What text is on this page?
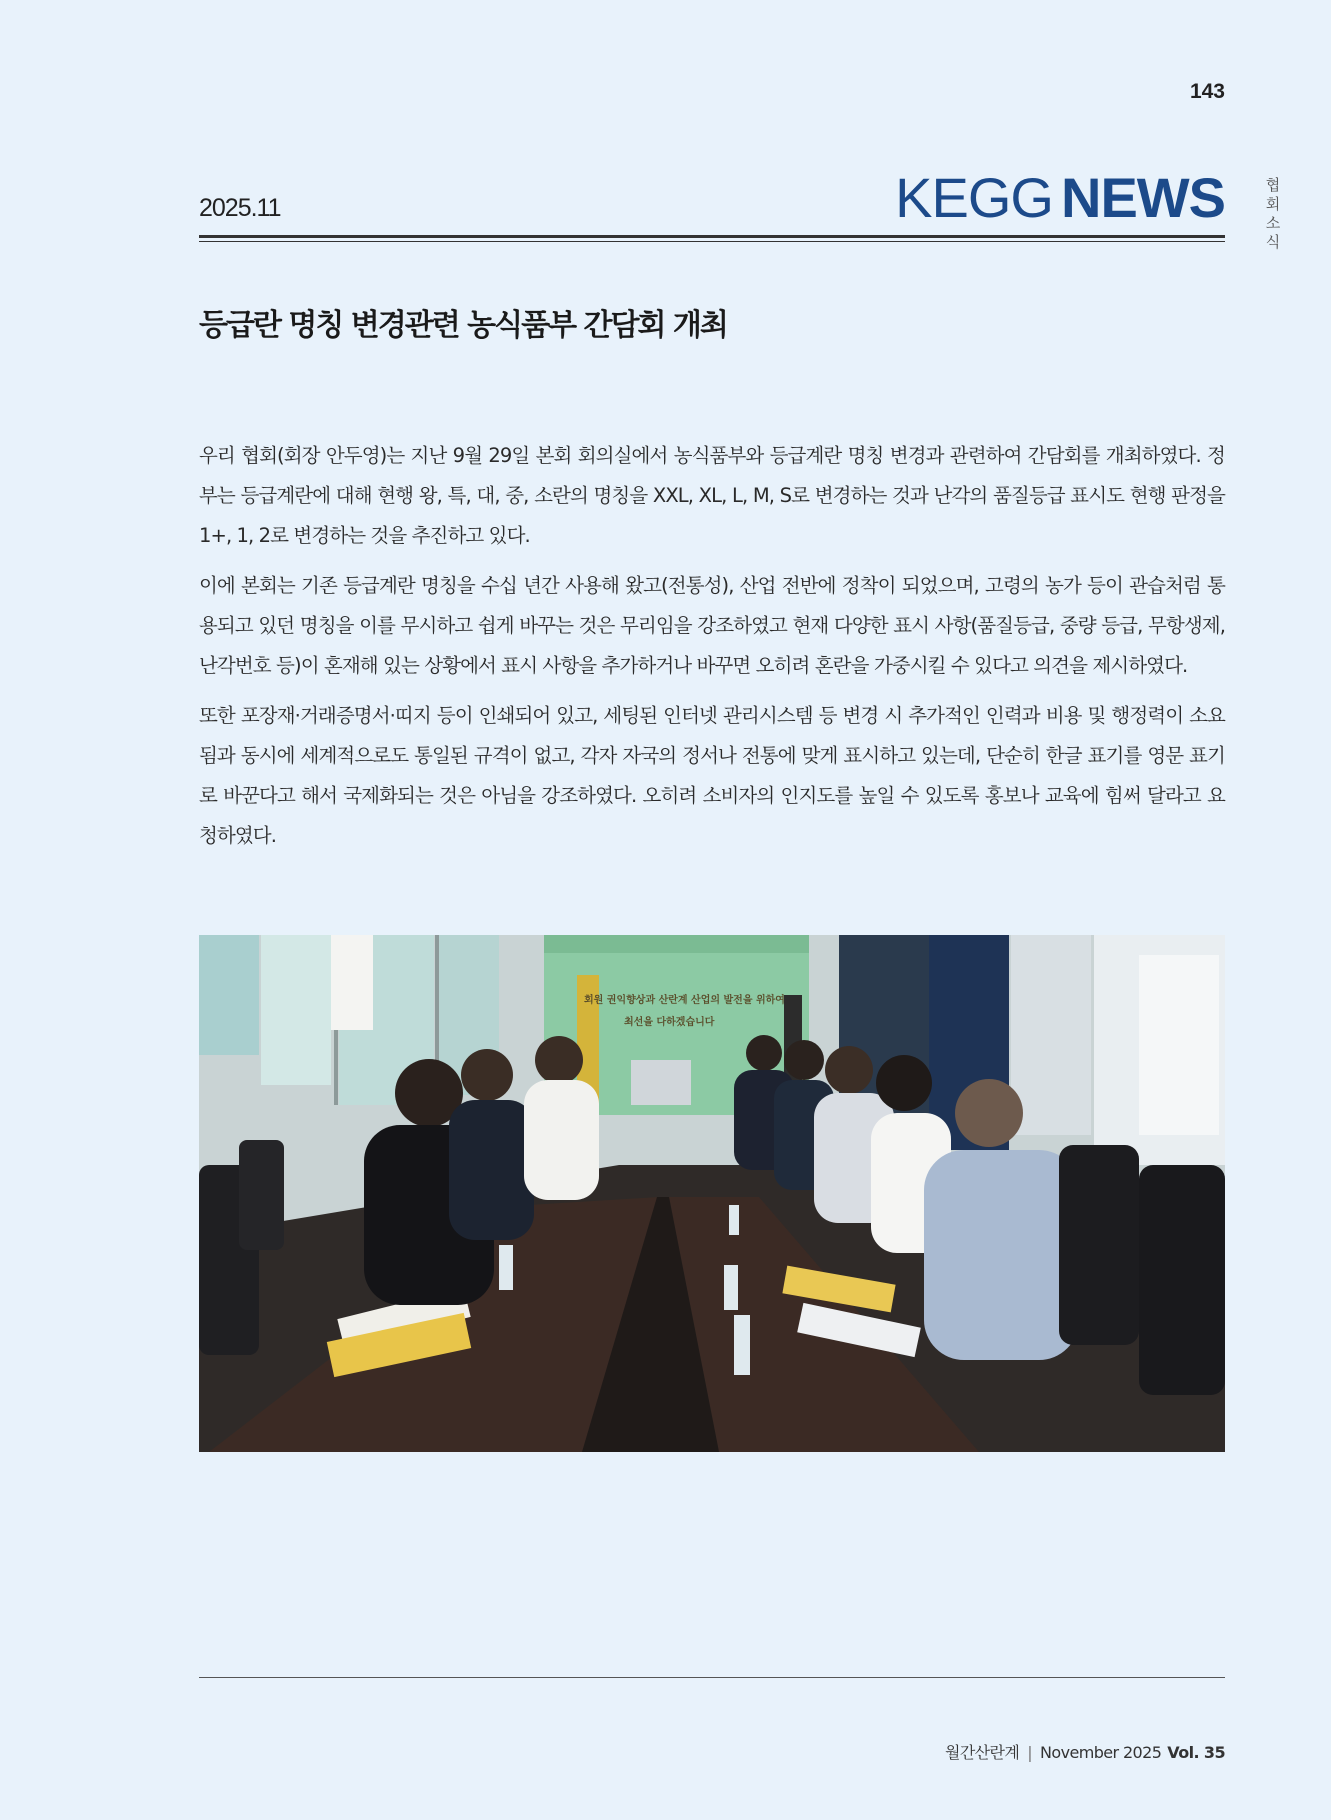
143
협회 소식
2025.11	KEGG NEWS
등급란 명칭 변경관련 농식품부 간담회 개최

우리 협회(회장 안두영)는 지난 9월 29일 본회 회의실에서 농식품부와 등급계란 명칭 변경과 관련하여 간담회를 개최하였다. 정부는 등급계란에 대해 현행 왕, 특, 대, 중, 소란의 명칭을 XXL, XL, L, M, S로 변경하는 것과 난각의 품질등급 표시도 현행 판정을 1+, 1, 2로 변경하는 것을 추진하고 있다.

이에 본회는 기존 등급계란 명칭을 수십 년간 사용해 왔고(전통성), 산업 전반에 정착이 되었으며, 고령의 농가 등이 관습처럼 통용되고 있던 명칭을 이를 무시하고 쉽게 바꾸는 것은 무리임을 강조하였고 현재 다양한 표시 사항(품질등급, 중량 등급, 무항생제, 난각번호 등)이 혼재해 있는 상황에서 표시 사항을 추가하거나 바꾸면 오히려 혼란을 가중시킬 수 있다고 의견을 제시하였다.

또한 포장재·거래증명서·띠지 등이 인쇄되어 있고, 세팅된 인터넷 관리시스템 등 변경 시 추가적인 인력과 비용 및 행정력이 소요됨과 동시에 세계적으로도 통일된 규격이 없고, 각자 자국의 정서나 전통에 맞게 표시하고 있는데, 단순히 한글 표기를 영문 표기로 바꾼다고 해서 국제화되는 것은 아님을 강조하였다. 오히려 소비자의 인지도를 높일 수 있도록 홍보나 교육에 힘써 달라고 요청하였다.

회원 권익향상과 산란계 산업의 발전을 위하여
최선을 다하겠습니다
월간산란계 | November 2025 Vol. 35
